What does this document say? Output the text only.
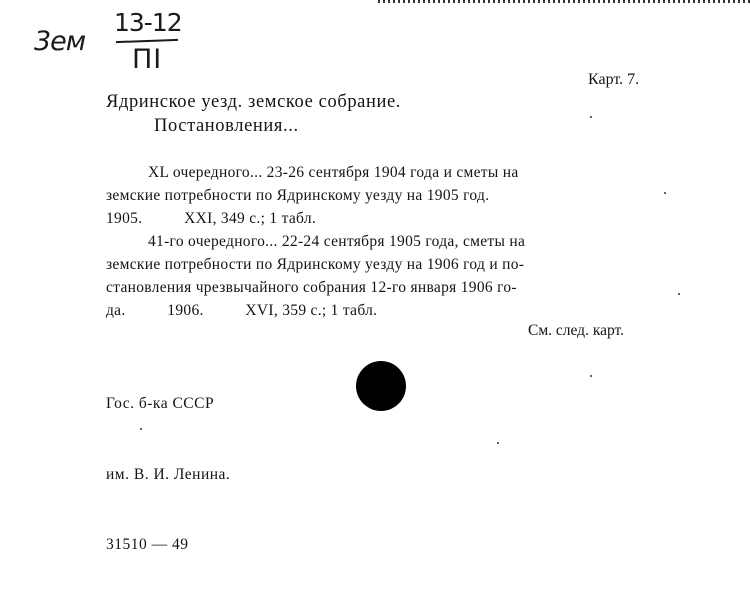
3ем
13-12
ПI
Карт. 7.
Ядринское уезд. земское собрание.
Постановления...
XL очередного... 23-26 сентября 1904 года и сметы на
земские потребности по Ядринскому уезду на 1905 год.
1905.          XXI, 349 с.; 1 табл.
41-го очередного... 22-24 сентября 1905 года, сметы на
земские потребности по Ядринскому уезду на 1906 год и по-
становления чрезвычайного собрания 12-го января 1906 го-
да.          1906.          XVI, 359 с.; 1 табл.
См. след. карт.

Гос. б-ка СССР

им. В. И. Ленина.

31510 — 49
